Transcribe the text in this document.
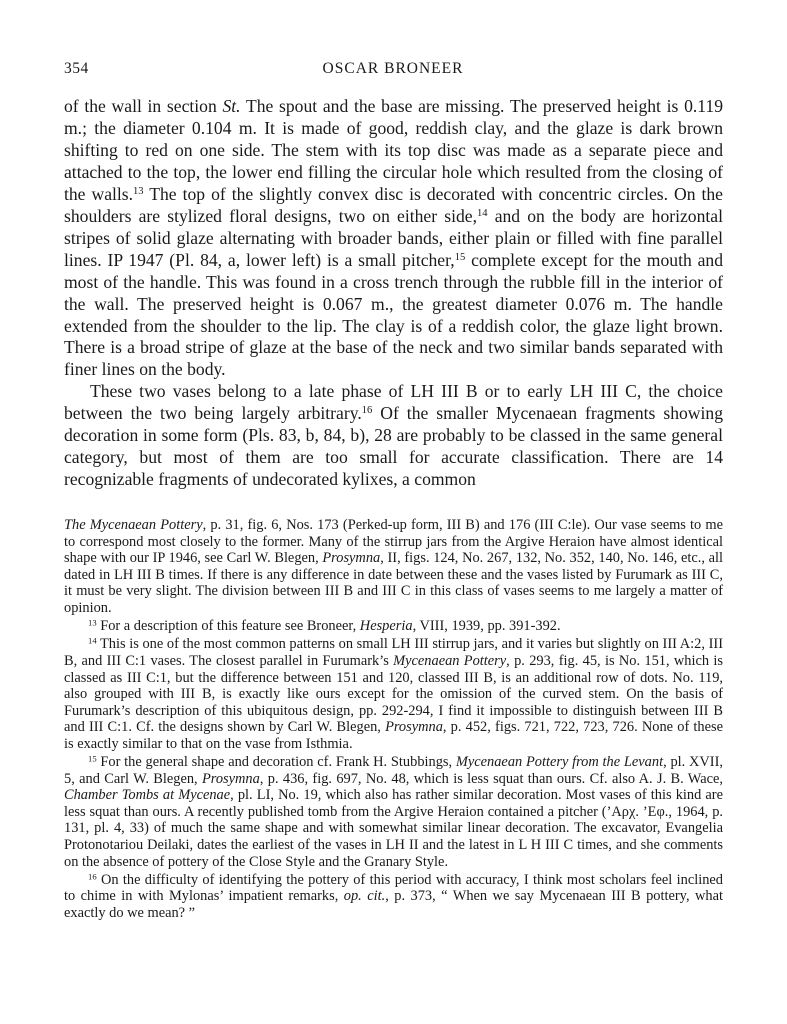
354	OSCAR BRONEER

of the wall in section St. The spout and the base are missing. The preserved height is 0.119 m.; the diameter 0.104 m. It is made of good, reddish clay, and the glaze is dark brown shifting to red on one side. The stem with its top disc was made as a separate piece and attached to the top, the lower end filling the circular hole which resulted from the closing of the walls.$^{13}$ The top of the slightly convex disc is decorated with concentric circles. On the shoulders are stylized floral designs, two on either side,$^{14}$ and on the body are horizontal stripes of solid glaze alternating with broader bands, either plain or filled with fine parallel lines. IP 1947 (Pl. 84, a, lower left) is a small pitcher,$^{15}$ complete except for the mouth and most of the handle. This was found in a cross trench through the rubble fill in the interior of the wall. The preserved height is 0.067 m., the greatest diameter 0.076 m. The handle extended from the shoulder to the lip. The clay is of a reddish color, the glaze light brown. There is a broad stripe of glaze at the base of the neck and two similar bands separated with finer lines on the body.

These two vases belong to a late phase of LH III B or to early LH III C, the choice between the two being largely arbitrary.$^{16}$ Of the smaller Mycenaean fragments showing decoration in some form (Pls. 83, b, 84, b), 28 are probably to be classed in the same general category, but most of them are too small for accurate classification. There are 14 recognizable fragments of undecorated kylixes, a common

The Mycenaean Pottery, p. 31, fig. 6, Nos. 173 (Perked-up form, III B) and 176 (III C:le). Our vase seems to me to correspond most closely to the former. Many of the stirrup jars from the Argive Heraion have almost identical shape with our IP 1946, see Carl W. Blegen, Prosymna, II, figs. 124, No. 267, 132, No. 352, 140, No. 146, etc., all dated in LH III B times. If there is any difference in date between these and the vases listed by Furumark as III C, it must be very slight. The division between III B and III C in this class of vases seems to me largely a matter of opinion.

$^{13}$ For a description of this feature see Broneer, Hesperia, VIII, 1939, pp. 391-392.

$^{14}$ This is one of the most common patterns on small LH III stirrup jars, and it varies but slightly on III A:2, III B, and III C:1 vases. The closest parallel in Furumark’s Mycenaean Pottery, p. 293, fig. 45, is No. 151, which is classed as III C:1, but the difference between 151 and 120, classed III B, is an additional row of dots. No. 119, also grouped with III B, is exactly like ours except for the omission of the curved stem. On the basis of Furumark’s description of this ubiquitous design, pp. 292-294, I find it impossible to distinguish between III B and III C:1. Cf. the designs shown by Carl W. Blegen, Prosymna, p. 452, figs. 721, 722, 723, 726. None of these is exactly similar to that on the vase from Isthmia.

$^{15}$ For the general shape and decoration cf. Frank H. Stubbings, Mycenaean Pottery from the Levant, pl. XVII, 5, and Carl W. Blegen, Prosymna, p. 436, fig. 697, No. 48, which is less squat than ours. Cf. also A. J. B. Wace, Chamber Tombs at Mycenae, pl. LI, No. 19, which also has rather similar decoration. Most vases of this kind are less squat than ours. A recently published tomb from the Argive Heraion contained a pitcher (’Αρχ. ’Εφ., 1964, p. 131, pl. 4, 33) of much the same shape and with somewhat similar linear decoration. The excavator, Evangelia Protonotariou Deilaki, dates the earliest of the vases in LH II and the latest in L H III C times, and she comments on the absence of pottery of the Close Style and the Granary Style.

$^{16}$ On the difficulty of identifying the pottery of this period with accuracy, I think most scholars feel inclined to chime in with Mylonas’ impatient remarks, op. cit., p. 373, “ When we say Mycenaean III B pottery, what exactly do we mean? ”
